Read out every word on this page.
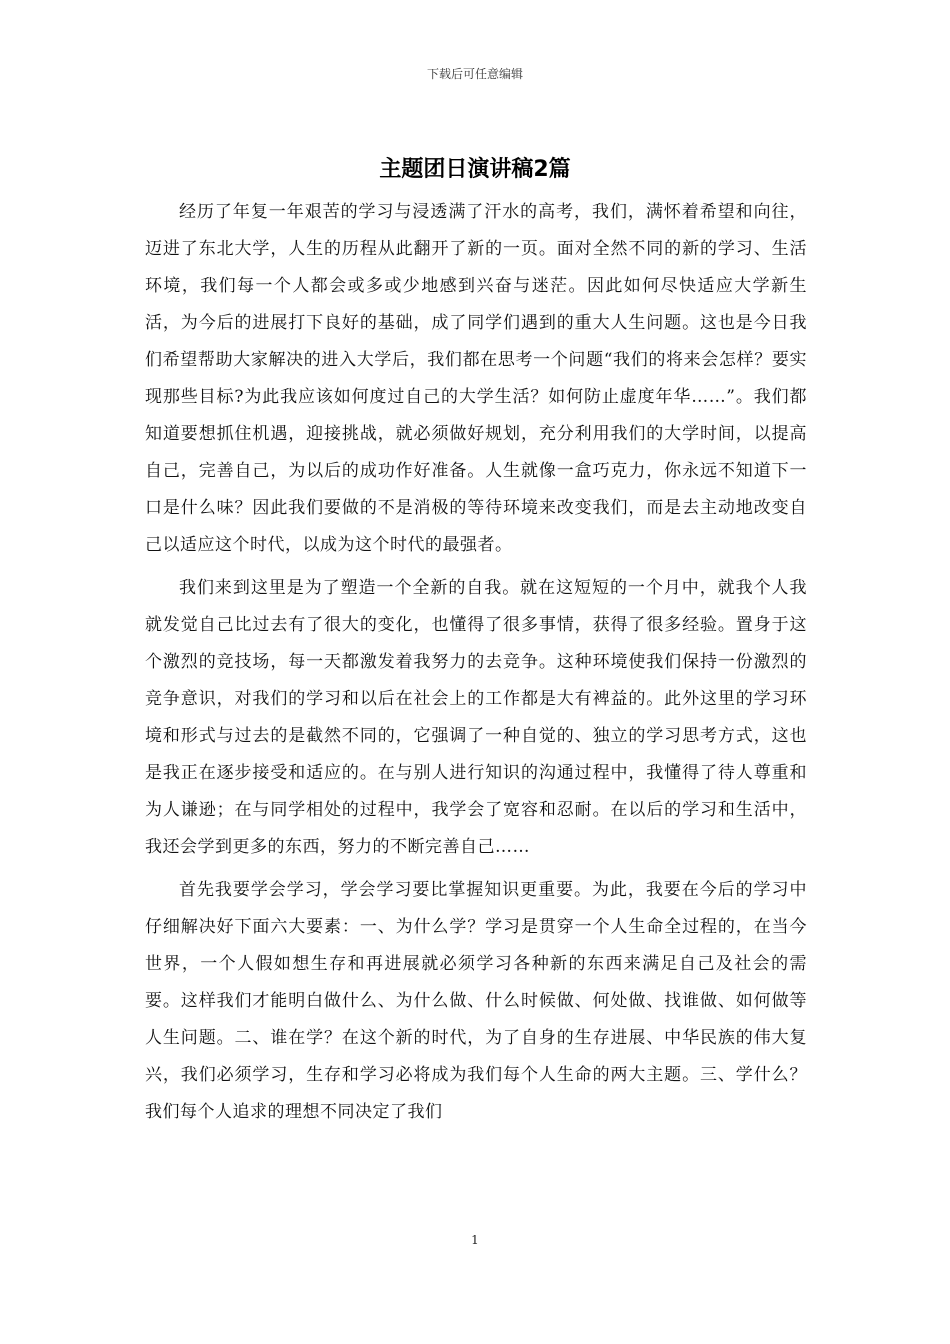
下载后可任意编辑
主题团日演讲稿2篇

经历了年复一年艰苦的学习与浸透满了汗水的高考，我们，满怀着希望和向往，迈进了东北大学，人生的历程从此翻开了新的一页。面对全然不同的新的学习、生活环境，我们每一个人都会或多或少地感到兴奋与迷茫。因此如何尽快适应大学新生活，为今后的进展打下良好的基础，成了同学们遇到的重大人生问题。这也是今日我们希望帮助大家解决的进入大学后，我们都在思考一个问题“我们的将来会怎样？要实现那些目标?为此我应该如何度过自己的大学生活？如何防止虚度年华……”。我们都知道要想抓住机遇，迎接挑战，就必须做好规划，充分利用我们的大学时间，以提高自己，完善自己，为以后的成功作好准备。人生就像一盒巧克力，你永远不知道下一口是什么味？因此我们要做的不是消极的等待环境来改变我们，而是去主动地改变自己以适应这个时代，以成为这个时代的最强者。

我们来到这里是为了塑造一个全新的自我。就在这短短的一个月中，就我个人我就发觉自己比过去有了很大的变化，也懂得了很多事情，获得了很多经验。置身于这个激烈的竞技场，每一天都激发着我努力的去竞争。这种环境使我们保持一份激烈的竞争意识，对我们的学习和以后在社会上的工作都是大有裨益的。此外这里的学习环境和形式与过去的是截然不同的，它强调了一种自觉的、独立的学习思考方式，这也是我正在逐步接受和适应的。在与别人进行知识的沟通过程中，我懂得了待人尊重和为人谦逊；在与同学相处的过程中，我学会了宽容和忍耐。在以后的学习和生活中，我还会学到更多的东西，努力的不断完善自己……

首先我要学会学习，学会学习要比掌握知识更重要。为此，我要在今后的学习中仔细解决好下面六大要素：一、为什么学？学习是贯穿一个人生命全过程的，在当今世界，一个人假如想生存和再进展就必须学习各种新的东西来满足自己及社会的需要。这样我们才能明白做什么、为什么做、什么时候做、何处做、找谁做、如何做等人生问题。二、谁在学？在这个新的时代，为了自身的生存进展、中华民族的伟大复兴，我们必须学习，生存和学习必将成为我们每个人生命的两大主题。三、学什么？我们每个人追求的理想不同决定了我们

1
